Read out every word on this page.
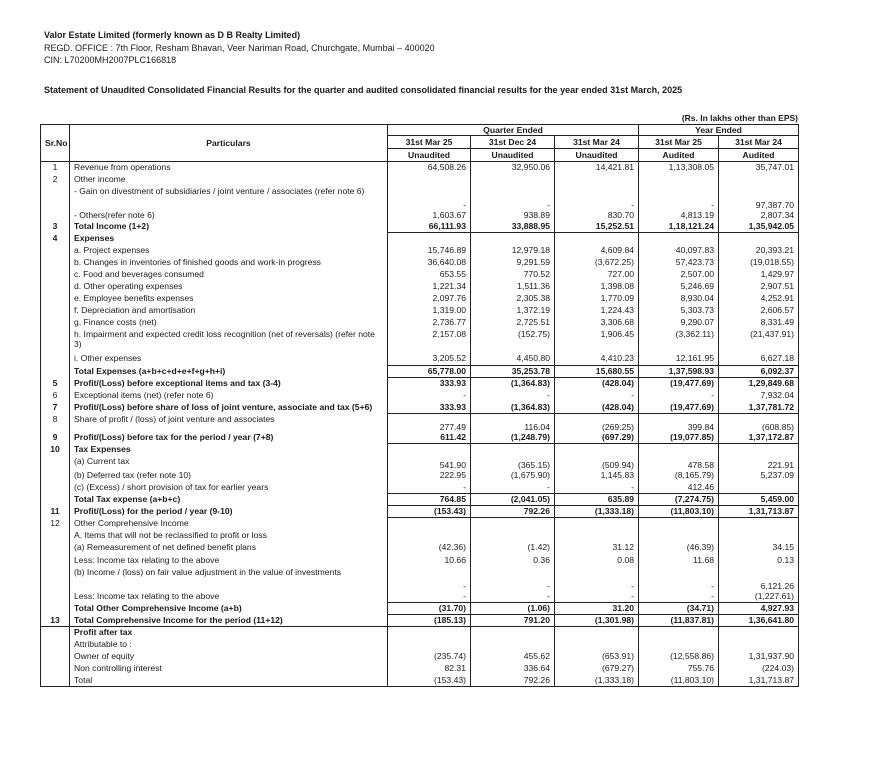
Valor Estate Limited (formerly known as D B Realty Limited)

REGD. OFFICE : 7th Floor, Resham Bhavan, Veer Nariman Road, Churchgate, Mumbai – 400020

CIN: L70200MH2007PLC166818

Statement of Unaudited Consolidated Financial Results for the quarter and audited consolidated financial results for the year ended 31st March, 2025

(Rs. In lakhs other than EPS)
Sr.No	Particulars	Quarter Ended			Year Ended	
		31st Mar 25	31st Dec 24	31st Mar 24	31st Mar 25	31st Mar 24
		Unaudited	Unaudited	Unaudited	Audited	Audited
1	Revenue from operations	64,508.26	32,950.06	14,421.81	1,13,308.05	35,747.01
2	Other income					
	- Gain on divestment of subsidiaries / joint venture / associates (refer note 6)	-	-	-	-	97,387.70
	- Others(refer note 6)	1,603.67	938.89	830.70	4,813.19	2,807.34
3	Total Income (1+2)	66,111.93	33,888.95	15,252.51	1,18,121.24	1,35,942.05
4	Expenses					
	a. Project expenses	15,746.89	12,979.18	4,609.84	40,097.83	20,393.21
	b. Changes in inventories of finished goods and work-in progress	36,640.08	9,291.59	(3,672.25)	57,423.73	(19,018.55)
	c. Food and beverages consumed	653.55	770.52	727.00	2,507.00	1,429.97
	d. Other operating expenses	1,221.34	1,511.36	1,398.08	5,246.69	2,907.51
	e. Employee benefits expenses	2,097.76	2,305.38	1,770.09	8,930.04	4,252.91
	f. Depreciation and amortisation	1,319.00	1,372.19	1,224.43	5,303.73	2,606.57
	g. Finance costs (net)	2,736.77	2,725.51	3,306.68	9,290.07	8,331.49
	h. Impairment and expected credit loss recognition (net of reversals) (refer note 3)	2,157.08	(152.75)	1,906.45	(3,362.11)	(21,437.91)
	i. Other expenses	3,205.52	4,450.80	4,410.23	12,161.95	6,627.18
	Total Expenses (a+b+c+d+e+f+g+h+i)	65,778.00	35,253.78	15,680.55	1,37,598.93	6,092.37
5	Profit/(Loss) before exceptional items and tax (3-4)	333.93	(1,364.83)	(428.04)	(19,477.69)	1,29,849.68
6	Exceptional items (net) (refer note 6)	-	-	-	-	7,932.04
7	Profit/(Loss) before share of loss of joint venture, associate and tax (5+6)	333.93	(1,364.83)	(428.04)	(19,477.69)	1,37,781.72
8	Share of profit / (loss) of joint venture and associates	277.49	116.04	(269.25)	399.84	(608.85)
9	Profit/(Loss) before tax for the period / year (7+8)	611.42	(1,248.79)	(697.29)	(19,077.85)	1,37,172.87
10	Tax Expenses					
	(a) Current tax	541.90	(365.15)	(509.94)	478.58	221.91
	(b) Deferred tax (refer note 10)	222.95	(1,675.90)	1,145.83	(8,165.79)	5,237.09
	(c) (Excess) / short provision of tax for earlier years	-	-	-	412.46	
	Total Tax expense (a+b+c)	764.85	(2,041.05)	635.89	(7,274.75)	5,459.00
11	Profit/(Loss) for the period / year (9-10)	(153.43)	792.26	(1,333.18)	(11,803.10)	1,31,713.87
12	Other Comprehensive Income					
	A. Items that will not be reclassified to profit or loss					
	(a) Remeasurement of net defined benefit plans	(42.36)	(1.42)	31.12	(46.39)	34.15
	Less: Income tax relating to the above	10.66	0.36	0.08	11.68	0.13
	(b) Income / (loss) on fair value adjustment in the value of investments	-	-	-	-	6,121.26
	Less: Income tax relating to the above	-	-	-	-	(1,227.61)
	Total Other Comprehensive Income (a+b)	(31.70)	(1.06)	31.20	(34.71)	4,927.93
13	Total Comprehensive Income for the period (11+12)	(185.13)	791.20	(1,301.98)	(11,837.81)	1,36,641.80
	Profit after tax					
	Attributable to :					
	Owner of equity	(235.74)	455.62	(653.91)	(12,558.86)	1,31,937.90
	Non controlling interest	82.31	336.64	(679.27)	755.76	(224.03)
	Total	(153.43)	792.26	(1,333.18)	(11,803.10)	1,31,713.87
